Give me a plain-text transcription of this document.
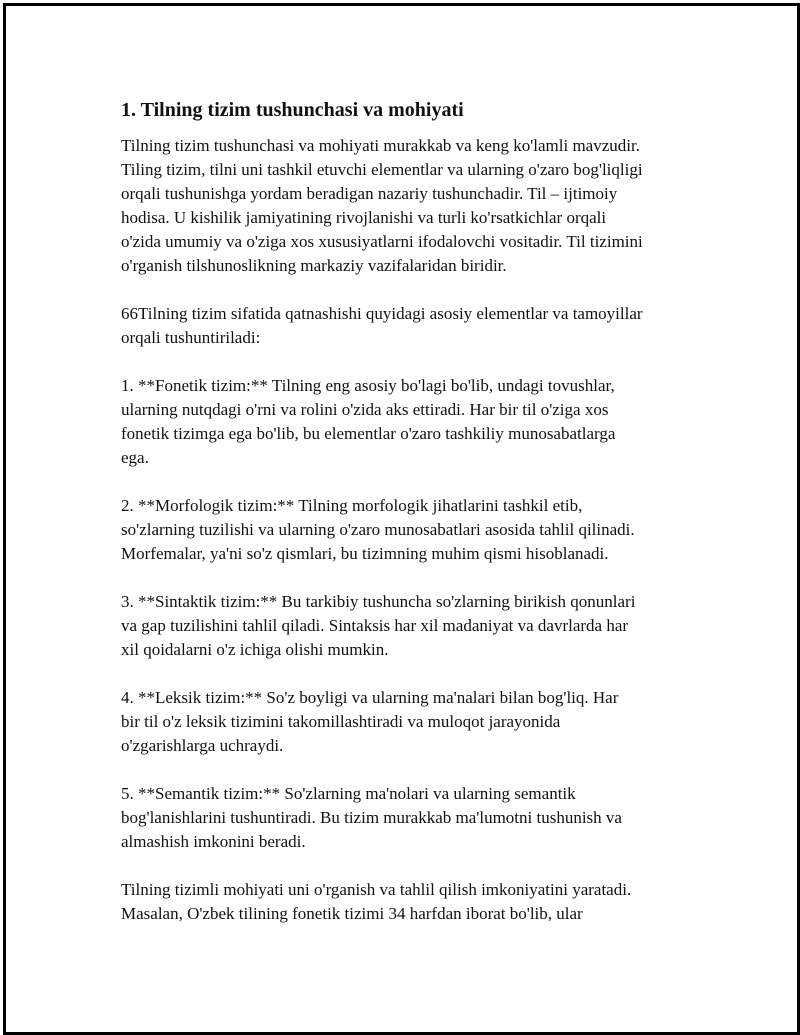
1. Tilning tizim tushunchasi va mohiyati
Tilning tizim tushunchasi va mohiyati murakkab va keng ko'lamli mavzudir.
Tiling tizim, tilni uni tashkil etuvchi elementlar va ularning o'zaro bog'liqligi
orqali tushunishga yordam beradigan nazariy tushunchadir. Til – ijtimoiy
hodisa. U kishilik jamiyatining rivojlanishi va turli ko'rsatkichlar orqali
o'zida umumiy va o'ziga xos xususiyatlarni ifodalovchi vositadir. Til tizimini
o'rganish tilshunoslikning markaziy vazifalaridan biridir.
66Tilning tizim sifatida qatnashishi quyidagi asosiy elementlar va tamoyillar
orqali tushuntiriladi:
1. **Fonetik tizim:** Tilning eng asosiy bo'lagi bo'lib, undagi tovushlar,
ularning nutqdagi o'rni va rolini o'zida aks ettiradi. Har bir til o'ziga xos
fonetik tizimga ega bo'lib, bu elementlar o'zaro tashkiliy munosabatlarga
ega.
2. **Morfologik tizim:** Tilning morfologik jihatlarini tashkil etib,
so'zlarning tuzilishi va ularning o'zaro munosabatlari asosida tahlil qilinadi.
Morfemalar, ya'ni so'z qismlari, bu tizimning muhim qismi hisoblanadi.
3. **Sintaktik tizim:** Bu tarkibiy tushuncha so'zlarning birikish qonunlari
va gap tuzilishini tahlil qiladi. Sintaksis har xil madaniyat va davrlarda har
xil qoidalarni o'z ichiga olishi mumkin.
4. **Leksik tizim:** So'z boyligi va ularning ma'nalari bilan bog'liq. Har
bir til o'z leksik tizimini takomillashtiradi va muloqot jarayonida
o'zgarishlarga uchraydi.
5. **Semantik tizim:** So'zlarning ma'nolari va ularning semantik
bog'lanishlarini tushuntiradi. Bu tizim murakkab ma'lumotni tushunish va
almashish imkonini beradi.
Tilning tizimli mohiyati uni o'rganish va tahlil qilish imkoniyatini yaratadi.
Masalan, O'zbek tilining fonetik tizimi 34 harfdan iborat bo'lib, ular
